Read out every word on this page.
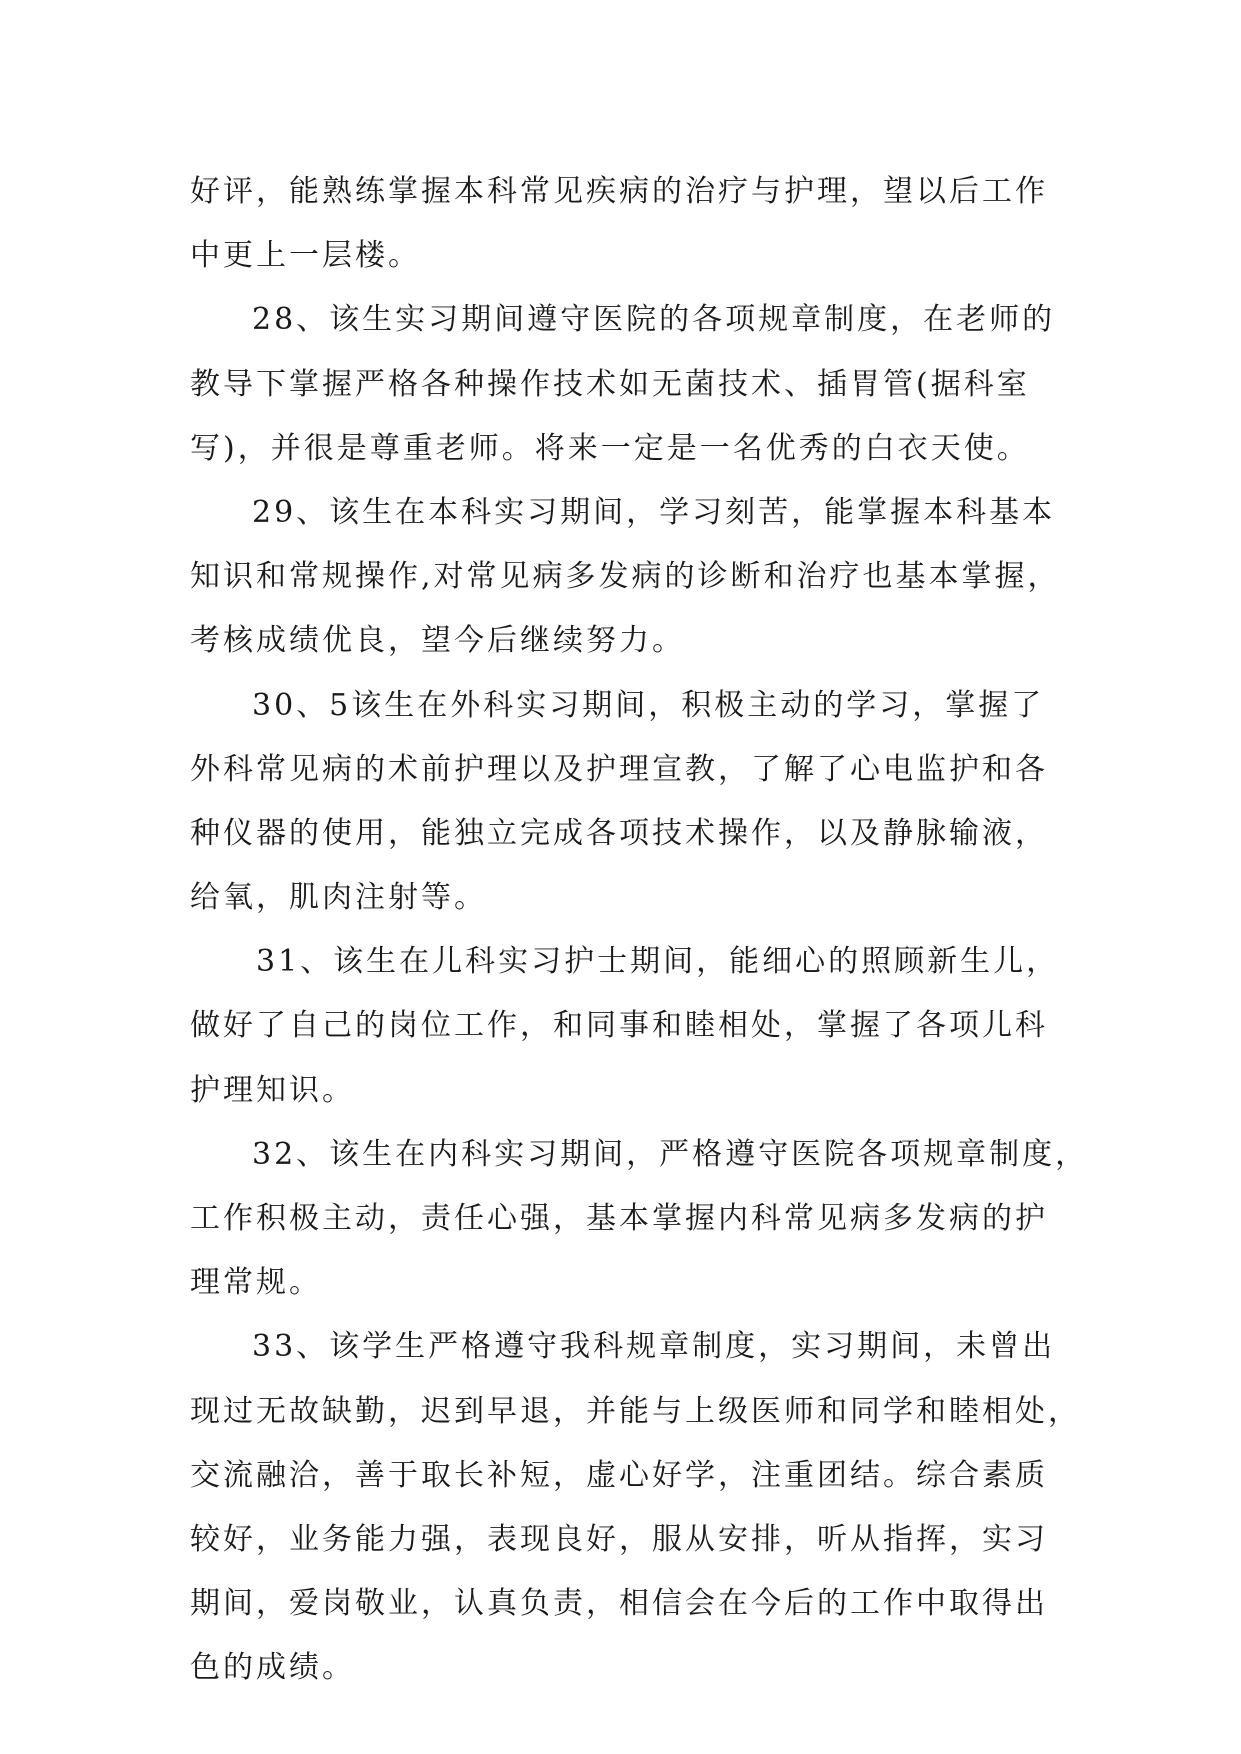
好评，能熟练掌握本科常见疾病的治疗与护理，望以后工作
中更上一层楼。
28、该生实习期间遵守医院的各项规章制度，在老师的
教导下掌握严格各种操作技术如无菌技术、插胃管(据科室
写)，并很是尊重老师。将来一定是一名优秀的白衣天使。
29、该生在本科实习期间，学习刻苦，能掌握本科基本
知识和常规操作,对常见病多发病的诊断和治疗也基本掌握，
考核成绩优良，望今后继续努力。
30、5该生在外科实习期间，积极主动的学习，掌握了
外科常见病的术前护理以及护理宣教，了解了心电监护和各
种仪器的使用，能独立完成各项技术操作，以及静脉输液，
给氧，肌肉注射等。
31、该生在儿科实习护士期间，能细心的照顾新生儿，
做好了自己的岗位工作，和同事和睦相处，掌握了各项儿科
护理知识。
32、该生在内科实习期间，严格遵守医院各项规章制度，
工作积极主动，责任心强，基本掌握内科常见病多发病的护
理常规。
33、该学生严格遵守我科规章制度，实习期间，未曾出
现过无故缺勤，迟到早退，并能与上级医师和同学和睦相处，
交流融洽，善于取长补短，虚心好学，注重团结。综合素质
较好，业务能力强，表现良好，服从安排，听从指挥，实习
期间，爱岗敬业，认真负责，相信会在今后的工作中取得出
色的成绩。
